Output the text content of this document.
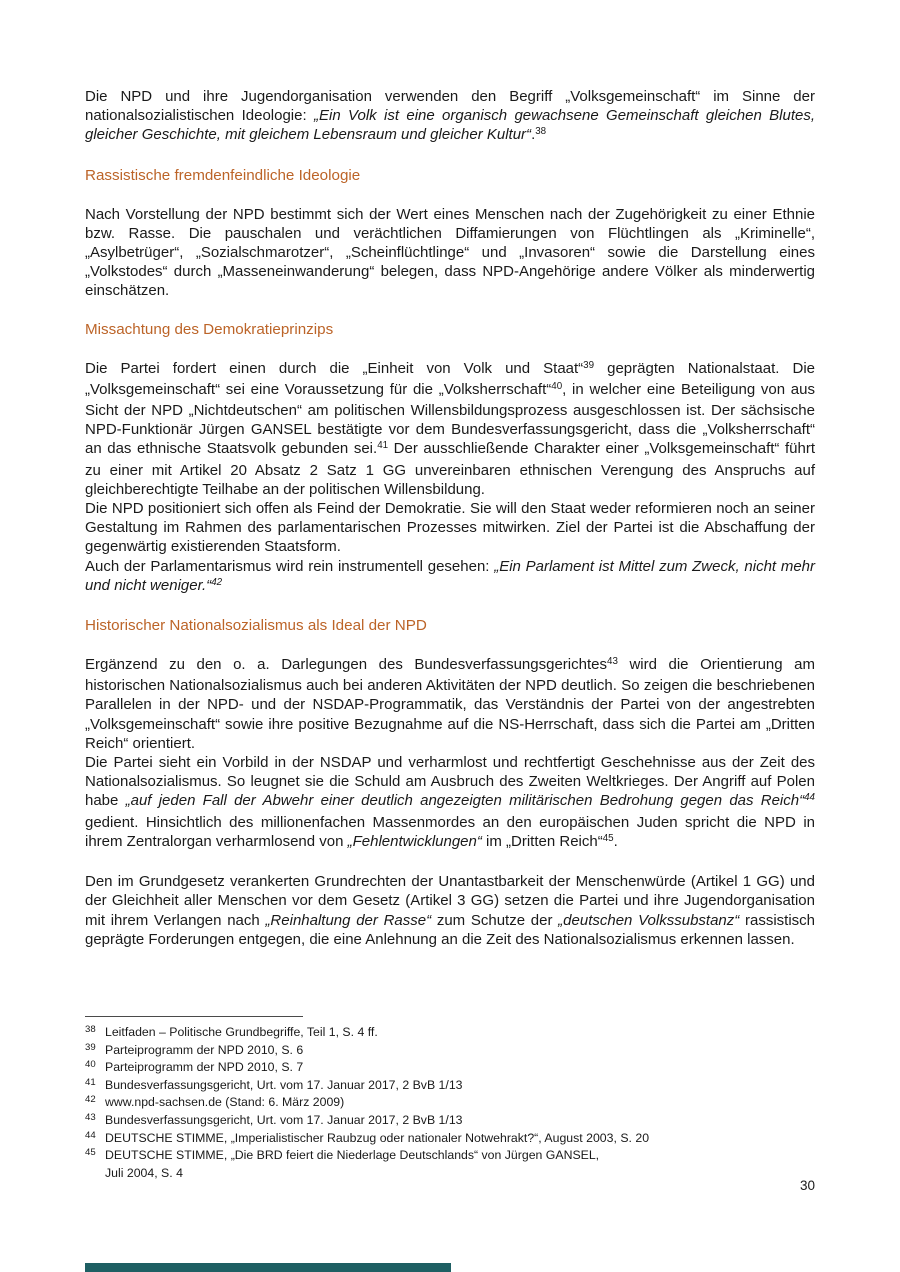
Die NPD und ihre Jugendorganisation verwenden den Begriff „Volksgemeinschaft“ im Sinne der nationalsozialistischen Ideologie: „Ein Volk ist eine organisch gewachsene Gemeinschaft gleichen Blutes, gleicher Geschichte, mit gleichem Lebensraum und gleicher Kultur“.$^{38}$

Rassistische fremdenfeindliche Ideologie

Nach Vorstellung der NPD bestimmt sich der Wert eines Menschen nach der Zugehörigkeit zu einer Ethnie bzw. Rasse. Die pauschalen und verächtlichen Diffamierungen von Flüchtlingen als „Kriminelle“, „Asylbetrüger“, „Sozialschmarotzer“, „Scheinflüchtlinge“ und „Invasoren“ sowie die Darstellung eines „Volkstodes“ durch „Masseneinwanderung“ belegen, dass NPD-Angehörige andere Völker als minderwertig einschätzen.

Missachtung des Demokratieprinzips

Die Partei fordert einen durch die „Einheit von Volk und Staat“$^{39}$ geprägten Nationalstaat. Die „Volksgemeinschaft“ sei eine Voraussetzung für die „Volksherrschaft“$^{40}$, in welcher eine Beteiligung von aus Sicht der NPD „Nichtdeutschen“ am politischen Willensbildungsprozess ausgeschlossen ist. Der sächsische NPD-Funktionär Jürgen GANSEL bestätigte vor dem Bundesverfassungsgericht, dass die „Volksherrschaft“ an das ethnische Staatsvolk gebunden sei.$^{41}$ Der ausschließende Charakter einer „Volksgemeinschaft“ führt zu einer mit Artikel 20 Absatz 2 Satz 1 GG unvereinbaren ethnischen Verengung des Anspruchs auf gleichberechtigte Teilhabe an der politischen Willensbildung.

Die NPD positioniert sich offen als Feind der Demokratie. Sie will den Staat weder reformieren noch an seiner Gestaltung im Rahmen des parlamentarischen Prozesses mitwirken. Ziel der Partei ist die Abschaffung der gegenwärtig existierenden Staatsform.

Auch der Parlamentarismus wird rein instrumentell gesehen: „Ein Parlament ist Mittel zum Zweck, nicht mehr und nicht weniger.“$^{42}$

Historischer Nationalsozialismus als Ideal der NPD

Ergänzend zu den o. a. Darlegungen des Bundesverfassungsgerichtes$^{43}$ wird die Orientierung am historischen Nationalsozialismus auch bei anderen Aktivitäten der NPD deutlich. So zeigen die beschriebenen Parallelen in der NPD- und der NSDAP-Programmatik, das Verständnis der Partei von der angestrebten „Volksgemeinschaft“ sowie ihre positive Bezugnahme auf die NS-Herrschaft, dass sich die Partei am „Dritten Reich“ orientiert.

Die Partei sieht ein Vorbild in der NSDAP und verharmlost und rechtfertigt Geschehnisse aus der Zeit des Nationalsozialismus. So leugnet sie die Schuld am Ausbruch des Zweiten Weltkrieges. Der Angriff auf Polen habe „auf jeden Fall der Abwehr einer deutlich angezeigten militärischen Bedrohung gegen das Reich“$^{44}$ gedient. Hinsichtlich des millionenfachen Massenmordes an den europäischen Juden spricht die NPD in ihrem Zentralorgan verharmlosend von „Fehlentwicklungen“ im „Dritten Reich“$^{45}$.

Den im Grundgesetz verankerten Grundrechten der Unantastbarkeit der Menschenwürde (Artikel 1 GG) und der Gleichheit aller Menschen vor dem Gesetz (Artikel 3 GG) setzen die Partei und ihre Jugendorganisation mit ihrem Verlangen nach „Reinhaltung der Rasse“ zum Schutze der „deutschen Volkssubstanz“ rassistisch geprägte Forderungen entgegen, die eine Anlehnung an die Zeit des Nationalsozialismus erkennen lassen.

38 Leitfaden – Politische Grundbegriffe, Teil 1, S. 4 ff.
39 Parteiprogramm der NPD 2010, S. 6
40 Parteiprogramm der NPD 2010, S. 7
41 Bundesverfassungsgericht, Urt. vom 17. Januar 2017, 2 BvB 1/13
42 www.npd-sachsen.de (Stand: 6. März 2009)
43 Bundesverfassungsgericht, Urt. vom 17. Januar 2017, 2 BvB 1/13
44 DEUTSCHE STIMME, „Imperialistischer Raubzug oder nationaler Notwehrakt?“, August 2003, S. 20
45 DEUTSCHE STIMME, „Die BRD feiert die Niederlage Deutschlands“ von Jürgen GANSEL,
Juli 2004, S. 4
30
